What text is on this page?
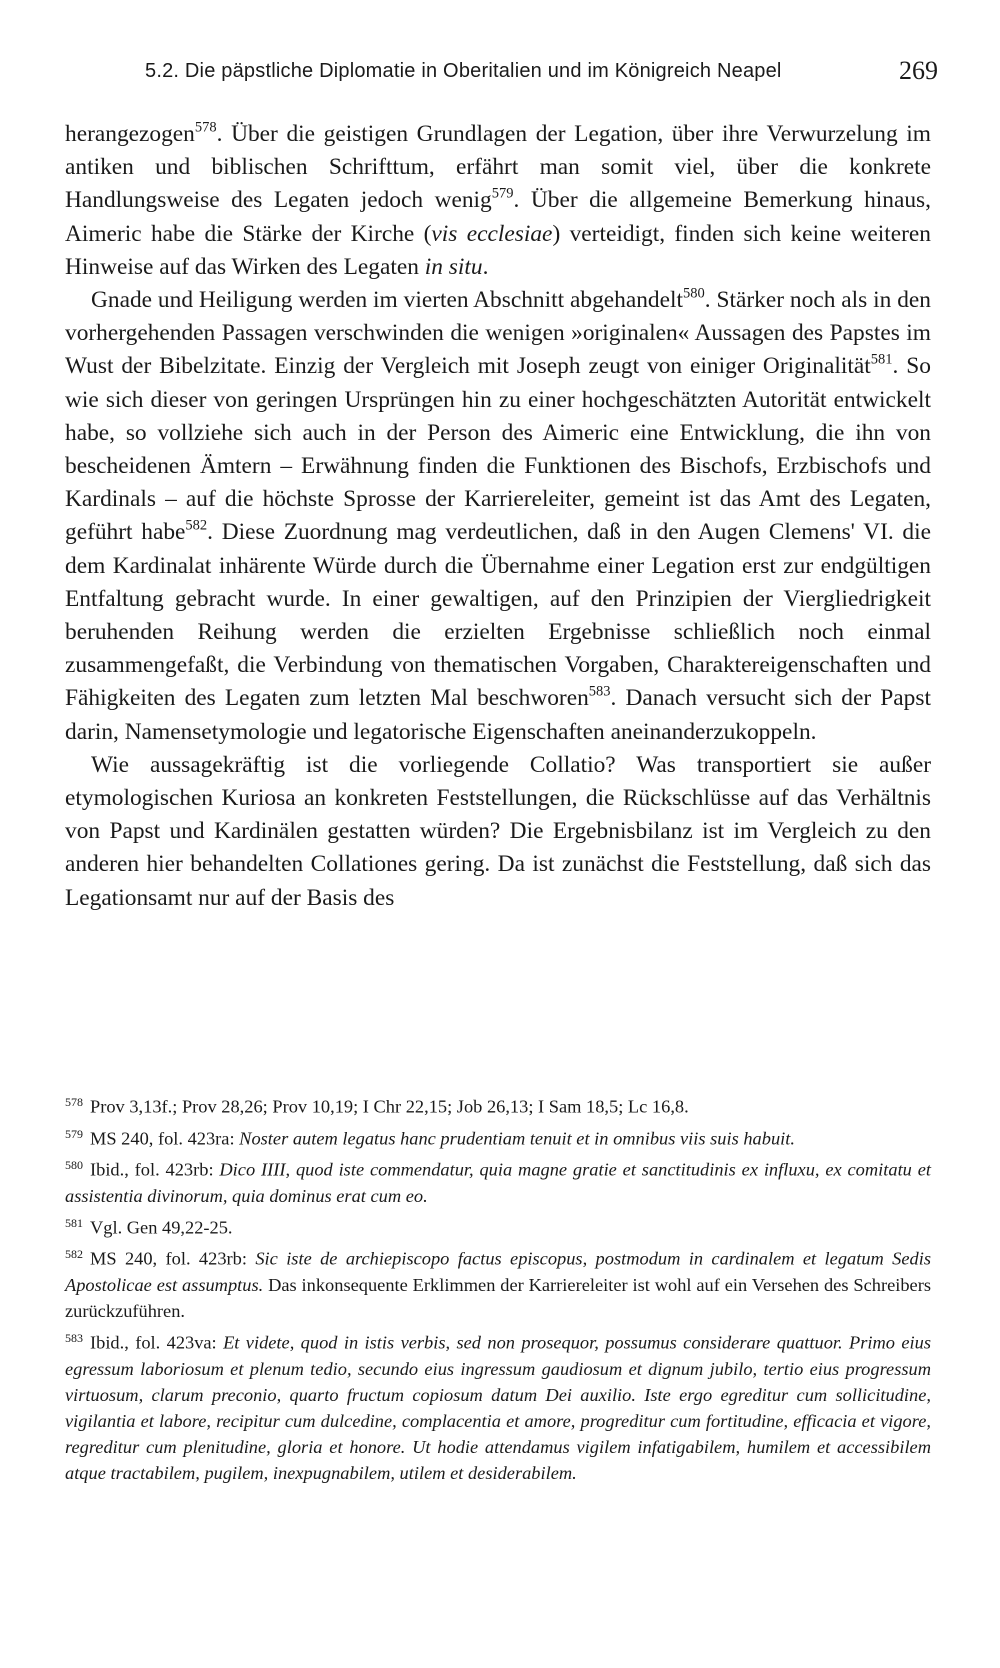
5.2. Die päpstliche Diplomatie in Oberitalien und im Königreich Neapel	269

herangezogen$^{578}$. Über die geistigen Grundlagen der Legation, über ihre Verwurzelung im antiken und biblischen Schrifttum, erfährt man somit viel, über die konkrete Handlungsweise des Legaten jedoch wenig$^{579}$. Über die allgemeine Bemerkung hinaus, Aimeric habe die Stärke der Kirche (vis ecclesiae) verteidigt, finden sich keine weiteren Hinweise auf das Wirken des Legaten in situ.

Gnade und Heiligung werden im vierten Abschnitt abgehandelt$^{580}$. Stärker noch als in den vorhergehenden Passagen verschwinden die wenigen »originalen« Aussagen des Papstes im Wust der Bibelzitate. Einzig der Vergleich mit Joseph zeugt von einiger Originalität$^{581}$. So wie sich dieser von geringen Ursprüngen hin zu einer hochgeschätzten Autorität entwickelt habe, so vollziehe sich auch in der Person des Aimeric eine Entwicklung, die ihn von bescheidenen Ämtern – Erwähnung finden die Funktionen des Bischofs, Erzbischofs und Kardinals – auf die höchste Sprosse der Karriereleiter, gemeint ist das Amt des Legaten, geführt habe$^{582}$. Diese Zuordnung mag verdeutlichen, daß in den Augen Clemens' VI. die dem Kardinalat inhärente Würde durch die Übernahme einer Legation erst zur endgültigen Entfaltung gebracht wurde. In einer gewaltigen, auf den Prinzipien der Viergliedrigkeit beruhenden Reihung werden die erzielten Ergebnisse schließlich noch einmal zusammengefaßt, die Verbindung von thematischen Vorgaben, Charaktereigenschaften und Fähigkeiten des Legaten zum letzten Mal beschworen$^{583}$. Danach versucht sich der Papst darin, Namensetymologie und legatorische Eigenschaften aneinanderzukoppeln.

Wie aussagekräftig ist die vorliegende Collatio? Was transportiert sie außer etymologischen Kuriosa an konkreten Feststellungen, die Rückschlüsse auf das Verhältnis von Papst und Kardinälen gestatten würden? Die Ergebnisbilanz ist im Vergleich zu den anderen hier behandelten Collationes gering. Da ist zunächst die Feststellung, daß sich das Legationsamt nur auf der Basis des

$^{578}$ Prov 3,13f.; Prov 28,26; Prov 10,19; I Chr 22,15; Job 26,13; I Sam 18,5; Lc 16,8.

$^{579}$ MS 240, fol. 423ra: Noster autem legatus hanc prudentiam tenuit et in omnibus viis suis habuit.

$^{580}$ Ibid., fol. 423rb: Dico IIII, quod iste commendatur, quia magne gratie et sanctitudinis ex influxu, ex comitatu et assistentia divinorum, quia dominus erat cum eo.

$^{581}$ Vgl. Gen 49,22-25.

$^{582}$ MS 240, fol. 423rb: Sic iste de archiepiscopo factus episcopus, postmodum in cardinalem et legatum Sedis Apostolicae est assumptus. Das inkonsequente Erklimmen der Karriereleiter ist wohl auf ein Versehen des Schreibers zurückzuführen.

$^{583}$ Ibid., fol. 423va: Et videte, quod in istis verbis, sed non prosequor, possumus considerare quattuor. Primo eius egressum laboriosum et plenum tedio, secundo eius ingressum gaudiosum et dignum jubilo, tertio eius progressum virtuosum, clarum preconio, quarto fructum copiosum datum Dei auxilio. Iste ergo egreditur cum sollicitudine, vigilantia et labore, recipitur cum dulcedine, complacentia et amore, progreditur cum fortitudine, efficacia et vigore, regreditur cum plenitudine, gloria et honore. Ut hodie attendamus vigilem infatigabilem, humilem et accessibilem atque tractabilem, pugilem, inexpugnabilem, utilem et desiderabilem.
